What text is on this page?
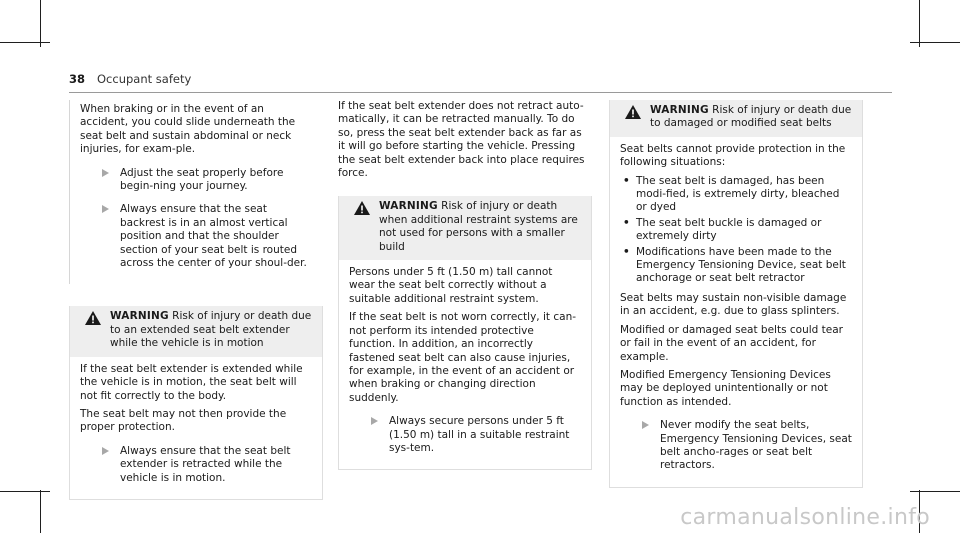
38 Occupant safety

When braking or in the event of an accident, you could slide underneath the seat belt and sustain abdominal or neck injuries, for exam-ple.

Adjust the seat properly before begin-ning your journey.
Always ensure that the seat backrest is in an almost vertical position and that the shoulder section of your seat belt is routed across the center of your shoul-der.
WARNING Risk of injury or death due to an extended seat belt extender while the vehicle is in motion

If the seat belt extender is extended while the vehicle is in motion, the seat belt will not fit correctly to the body.

The seat belt may not then provide the proper protection.

Always ensure that the seat belt extender is retracted while the vehicle is in motion.

If the seat belt extender does not retract auto-matically, it can be retracted manually. To do so, press the seat belt extender back as far as it will go before starting the vehicle. Pressing the seat belt extender back into place requires force.

WARNING Risk of injury or death when additional restraint systems are not used for persons with a smaller build

Persons under 5 ft (1.50 m) tall cannot wear the seat belt correctly without a suitable additional restraint system.

If the seat belt is not worn correctly, it can-not perform its intended protective function. In addition, an incorrectly fastened seat belt can also cause injuries, for example, in the event of an accident or when braking or changing direction suddenly.

Always secure persons under 5 ft (1.50 m) tall in a suitable restraint sys-tem.
WARNING Risk of injury or death due to damaged or modified seat belts

Seat belts cannot provide protection in the following situations:

• The seat belt is damaged, has been modi-fied, is extremely dirty, bleached or dyed
• The seat belt buckle is damaged or extremely dirty
• Modifications have been made to the Emergency Tensioning Device, seat belt anchorage or seat belt retractor

Seat belts may sustain non-visible damage in an accident, e.g. due to glass splinters.

Modified or damaged seat belts could tear or fail in the event of an accident, for example.

Modified Emergency Tensioning Devices may be deployed unintentionally or not function as intended.

Never modify the seat belts, Emergency Tensioning Devices, seat belt ancho-rages or seat belt retractors.
carmanualsonline.info
